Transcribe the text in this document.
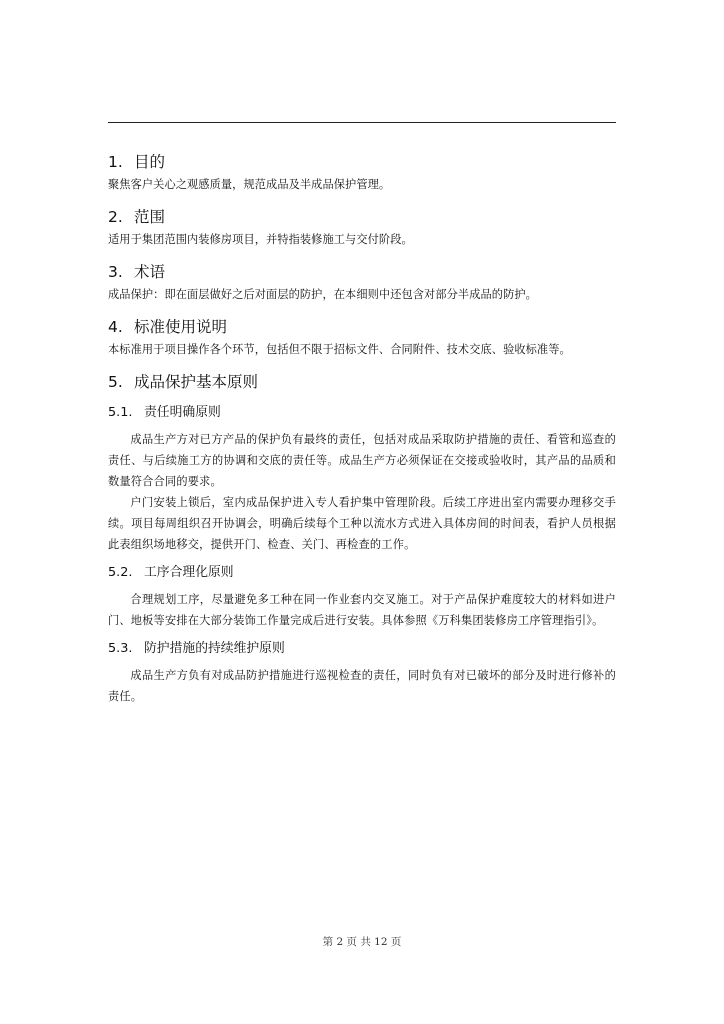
1. 目的

聚焦客户关心之观感质量，规范成品及半成品保护管理。

2. 范围

适用于集团范围内装修房项目，并特指装修施工与交付阶段。

3. 术语

成品保护：即在面层做好之后对面层的防护，在本细则中还包含对部分半成品的防护。

4. 标准使用说明

本标准用于项目操作各个环节，包括但不限于招标文件、合同附件、技术交底、验收标准等。

5. 成品保护基本原则
5.1. 责任明确原则

成品生产方对已方产品的保护负有最终的责任，包括对成品采取防护措施的责任、看管和巡查的责任、与后续施工方的协调和交底的责任等。成品生产方必须保证在交接或验收时，其产品的品质和数量符合合同的要求。

户门安装上锁后，室内成品保护进入专人看护集中管理阶段。后续工序进出室内需要办理移交手续。项目每周组织召开协调会，明确后续每个工种以流水方式进入具体房间的时间表，看护人员根据此表组织场地移交，提供开门、检查、关门、再检查的工作。

5.2. 工序合理化原则

合理规划工序，尽量避免多工种在同一作业套内交叉施工。对于产品保护难度较大的材料如进户门、地板等安排在大部分装饰工作量完成后进行安装。具体参照《万科集团装修房工序管理指引》。

5.3. 防护措施的持续维护原则

成品生产方负有对成品防护措施进行巡视检查的责任，同时负有对已破坏的部分及时进行修补的责任。

第 2 页 共 12 页
